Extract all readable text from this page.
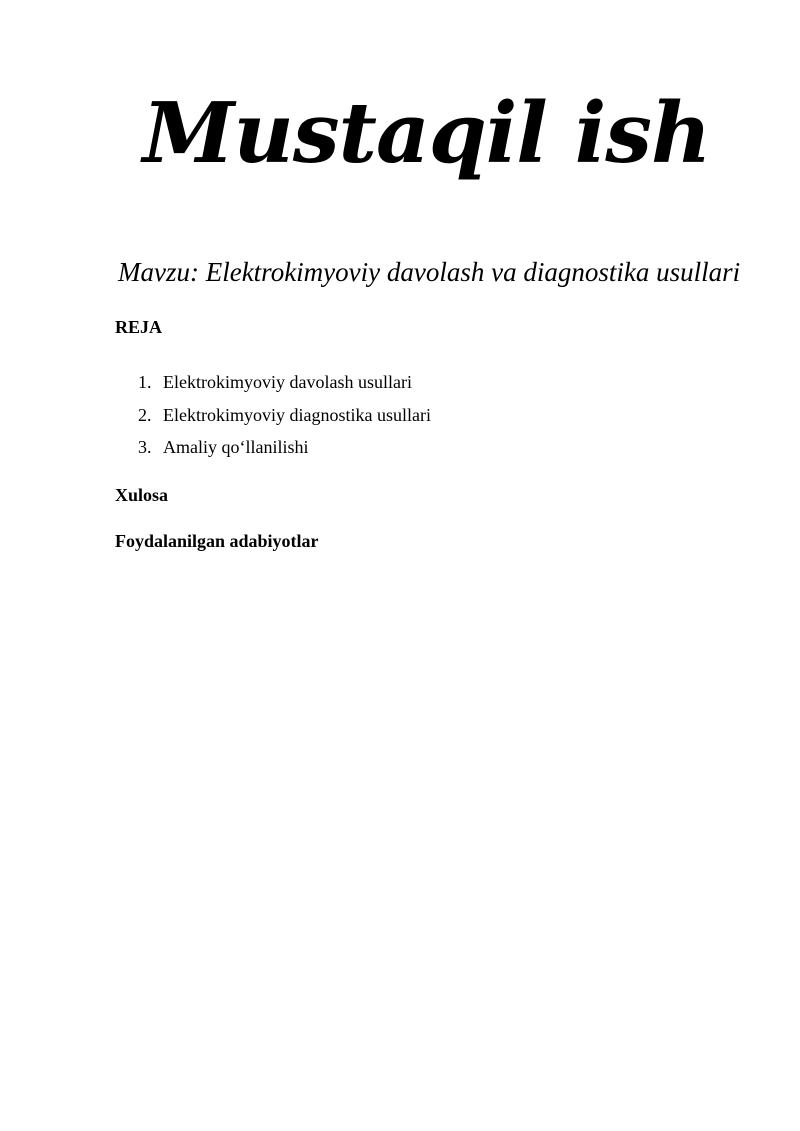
Mustaqil ish

Mavzu: Elektrokimyoviy davolash va diagnostika usullari

REJA

1. Elektrokimyoviy davolash usullari
2. Elektrokimyoviy diagnostika usullari
3. Amaliy qo‘llanilishi

Xulosa

Foydalanilgan adabiyotlar
